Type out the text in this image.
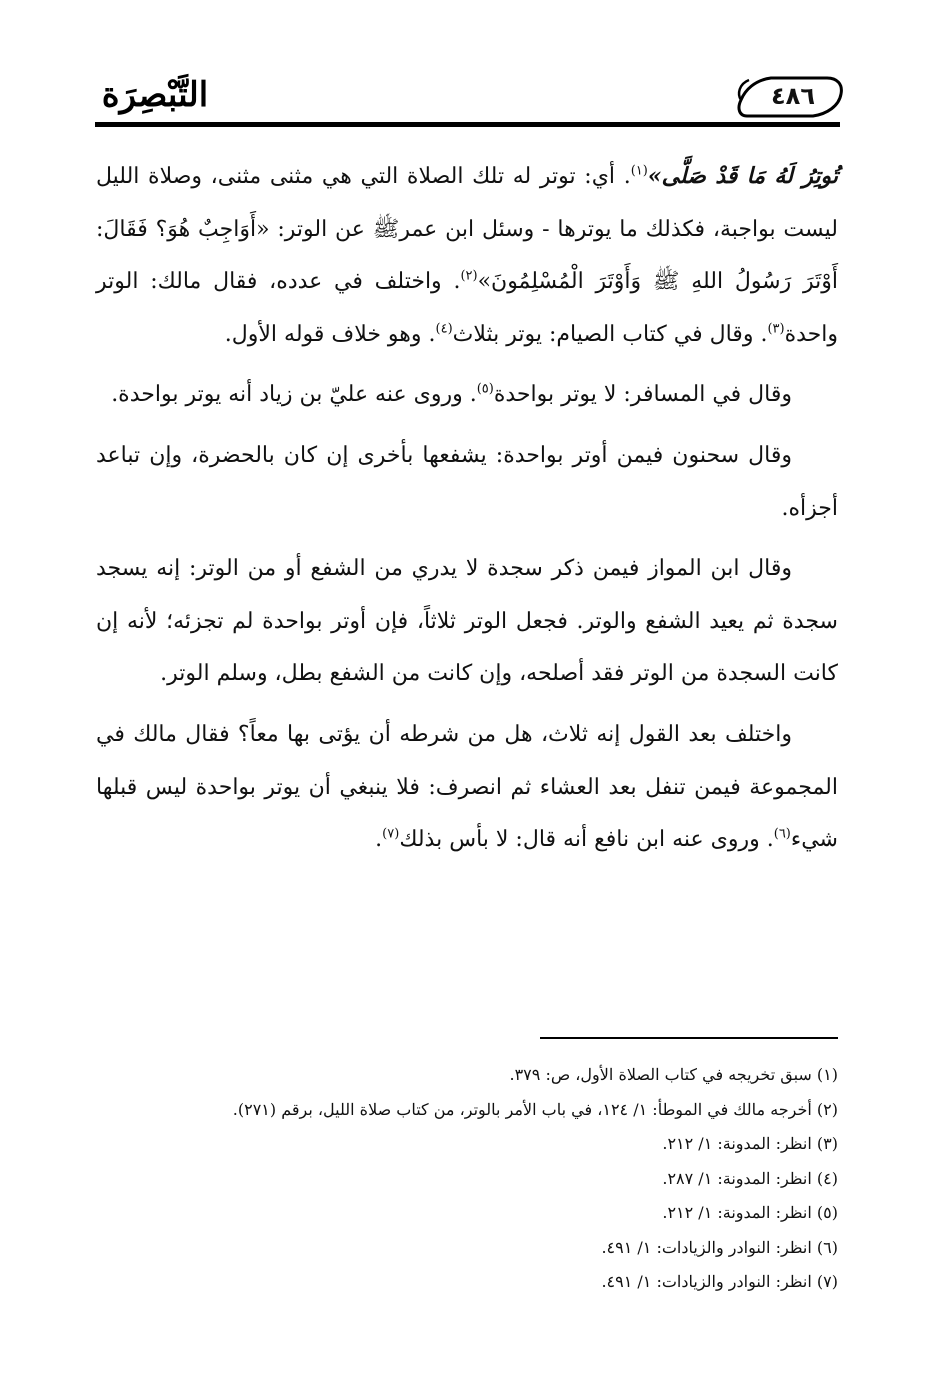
التَّبْصِرَة	٤٨٦

تُوتِرُ لَهُ مَا قَدْ صَلَّى»$^{(١)}$. أي: توتر له تلك الصلاة التي هي مثنى مثنى، وصلاة الليل ليست بواجبة، فكذلك ما يوترها - وسئل ابن عمرﷺ عن الوتر: «أَوَاجِبٌ هُوَ؟ فَقَالَ: أَوْتَرَ رَسُولُ اللهِ ﷺ وَأَوْتَرَ الْمُسْلِمُونَ»$^{(٢)}$. واختلف في عدده، فقال مالك: الوتر واحدة$^{(٣)}$. وقال في كتاب الصيام: يوتر بثلاث$^{(٤)}$. وهو خلاف قوله الأول.

وقال في المسافر: لا يوتر بواحدة$^{(٥)}$. وروى عنه عليّ بن زياد أنه يوتر بواحدة.

وقال سحنون فيمن أوتر بواحدة: يشفعها بأخرى إن كان بالحضرة، وإن تباعد أجزأه.

وقال ابن المواز فيمن ذكر سجدة لا يدري من الشفع أو من الوتر: إنه يسجد سجدة ثم يعيد الشفع والوتر. فجعل الوتر ثلاثاً، فإن أوتر بواحدة لم تجزئه؛ لأنه إن كانت السجدة من الوتر فقد أصلحه، وإن كانت من الشفع بطل، وسلم الوتر.

واختلف بعد القول إنه ثلاث، هل من شرطه أن يؤتى بها معاً؟ فقال مالك في المجموعة فيمن تنفل بعد العشاء ثم انصرف: فلا ينبغي أن يوتر بواحدة ليس قبلها شيء$^{(٦)}$. وروى عنه ابن نافع أنه قال: لا بأس بذلك$^{(٧)}$.

(١) سبق تخريجه في كتاب الصلاة الأول، ص: ٣٧٩.
(٢) أخرجه مالك في الموطأ: ١/ ١٢٤، في باب الأمر بالوتر، من كتاب صلاة الليل، برقم (٢٧١).
(٣) انظر: المدونة: ١/ ٢١٢.
(٤) انظر: المدونة: ١/ ٢٨٧.
(٥) انظر: المدونة: ١/ ٢١٢.
(٦) انظر: النوادر والزيادات: ١/ ٤٩١.
(٧) انظر: النوادر والزيادات: ١/ ٤٩١.
